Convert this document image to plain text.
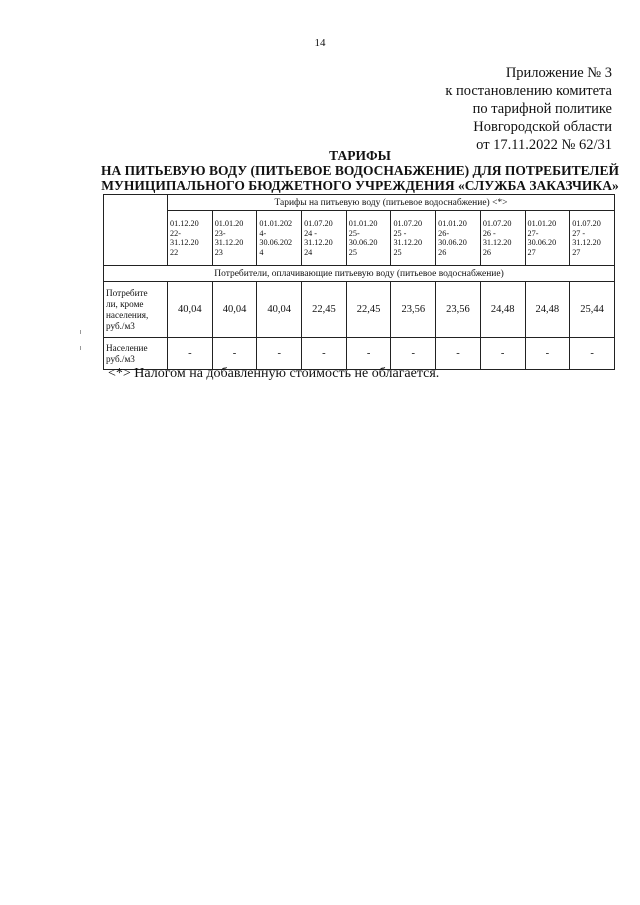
14
Приложение № 3
к постановлению комитета
по тарифной политике
Новгородской области
от 17.11.2022 № 62/31
ТАРИФЫ
НА ПИТЬЕВУЮ ВОДУ (ПИТЬЕВОЕ ВОДОСНАБЖЕНИЕ) ДЛЯ ПОТРЕБИТЕЛЕЙ
МУНИЦИПАЛЬНОГО БЮДЖЕТНОГО УЧРЕЖДЕНИЯ «СЛУЖБА ЗАКАЗЧИКА»
	Тарифы на питьевую воду (питьевое водоснабжение) <*>									
	01.12.20
22-
31.12.20
22	01.01.20
23-
31.12.20
23	01.01.202
4-
30.06.202
4	01.07.20
24 -
31.12.20
24	01.01.20
25-
30.06.20
25	01.07.20
25 -
31.12.20
25	01.01.20
26-
30.06.20
26	01.07.20
26 -
31.12.20
26	01.01.20
27-
30.06.20
27	01.07.20
27 -
31.12.20
27
Потребители, оплачивающие питьевую воду (питьевое водоснабжение)										
Потребите
ли, кроме
населения,
руб./м3	40,04	40,04	40,04	22,45	22,45	23,56	23,56	24,48	24,48	25,44
Население
руб./м3	-	-	-	-	-	-	-	-	-	-
<*> Налогом на добавленную стоимость не облагается.
